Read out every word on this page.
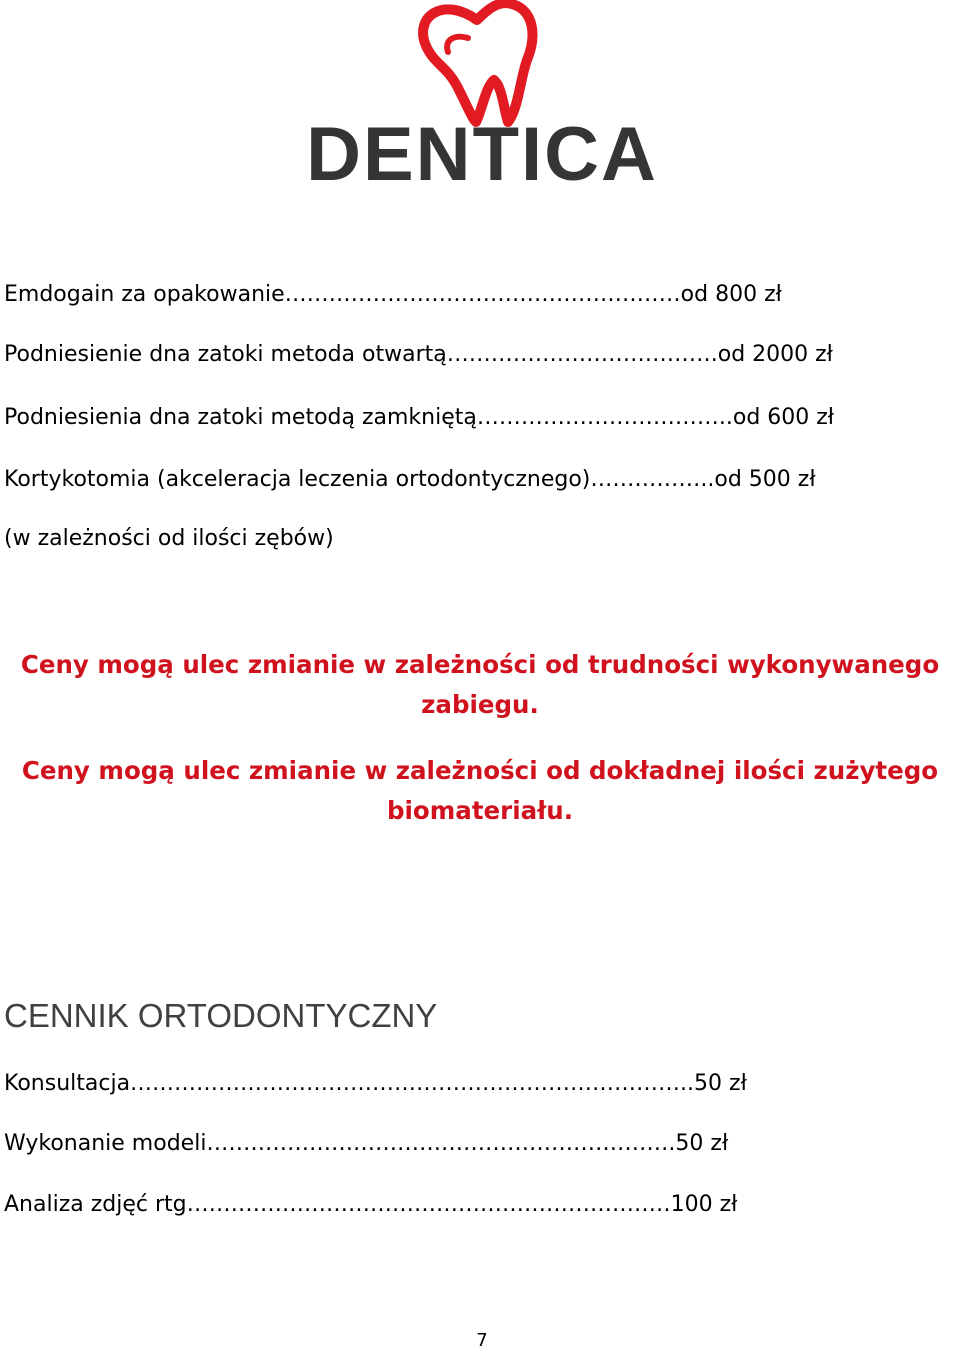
DENTICA
Emdogain za opakowanie………………………………………………od 800 zł
Podniesienie dna zatoki metoda otwartą……………………………….od 2000 zł
Podniesienia dna zatoki metodą zamkniętą……………………………..od 600 zł
Kortykotomia (akceleracja leczenia ortodontycznego)……………..od 500 zł
(w zależności od ilości zębów)
Ceny mogą ulec zmianie w zależności od trudności wykonywanego
zabiegu.
Ceny mogą ulec zmianie w zależności od dokładnej ilości zużytego
biomateriału.
CENNIK ORTODONTYCZNY
Konsultacja…………………………………………………………………..50 zł
Wykonanie modeli……………………………………………………….50 zł
Analiza zdjęć rtg…………………………………………………………100 zł
7
